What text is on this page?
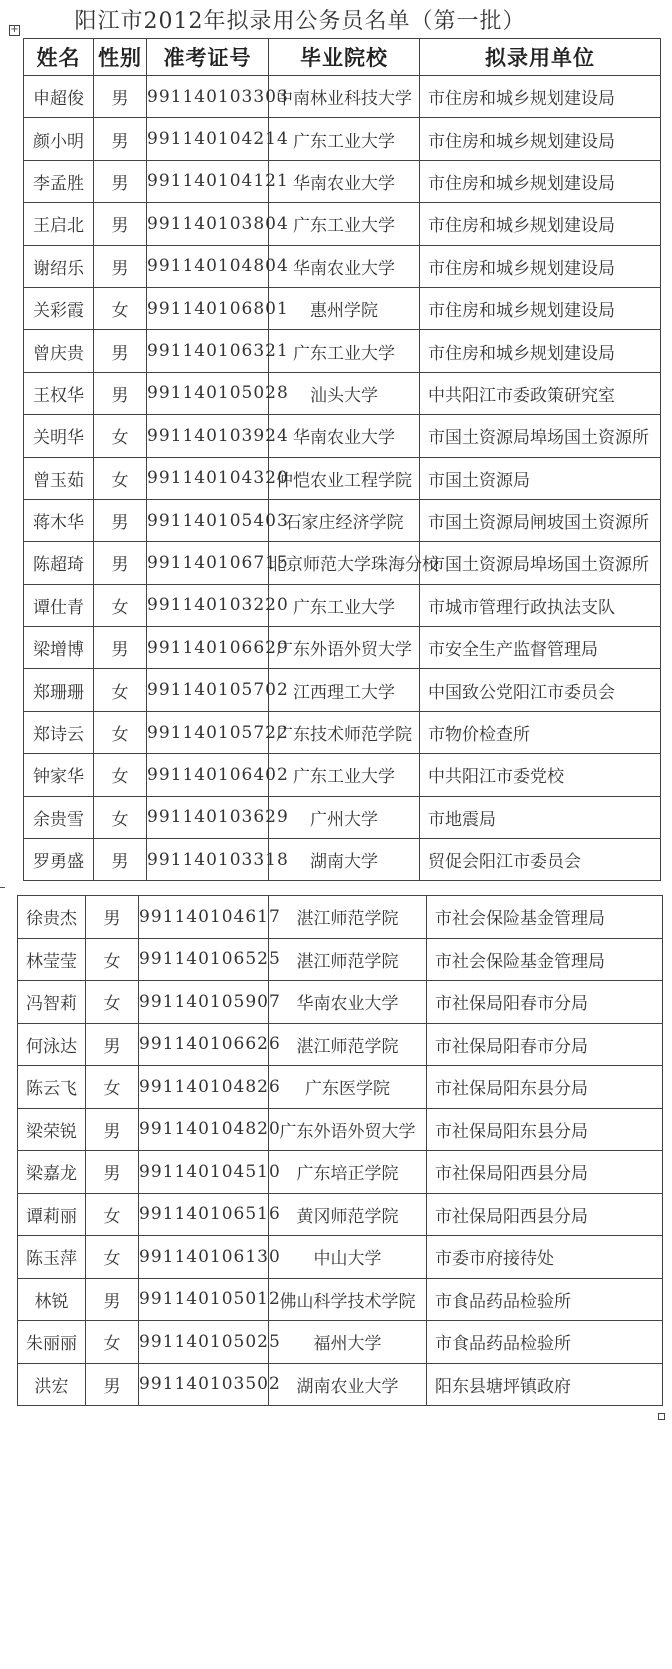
阳江市2012年拟录用公务员名单（第一批）
+
姓名	性别	准考证号	毕业院校	拟录用单位
申超俊	男	991140103303	中南林业科技大学	市住房和城乡规划建设局
颜小明	男	991140104214	广东工业大学	市住房和城乡规划建设局
李孟胜	男	991140104121	华南农业大学	市住房和城乡规划建设局
王启北	男	991140103804	广东工业大学	市住房和城乡规划建设局
谢绍乐	男	991140104804	华南农业大学	市住房和城乡规划建设局
关彩霞	女	991140106801	惠州学院	市住房和城乡规划建设局
曾庆贵	男	991140106321	广东工业大学	市住房和城乡规划建设局
王权华	男	991140105028	汕头大学	中共阳江市委政策研究室
关明华	女	991140103924	华南农业大学	市国土资源局埠场国土资源所
曾玉茹	女	991140104320	仲恺农业工程学院	市国土资源局
蒋木华	男	991140105403	石家庄经济学院	市国土资源局闸坡国土资源所
陈超琦	男	991140106715	北京师范大学珠海分校	市国土资源局埠场国土资源所
谭仕青	女	991140103220	广东工业大学	市城市管理行政执法支队
梁增博	男	991140106629	广东外语外贸大学	市安全生产监督管理局
郑珊珊	女	991140105702	江西理工大学	中国致公党阳江市委员会
郑诗云	女	991140105722	广东技术师范学院	市物价检查所
钟家华	女	991140106402	广东工业大学	中共阳江市委党校
余贵雪	女	991140103629	广州大学	市地震局
罗勇盛	男	991140103318	湖南大学	贸促会阳江市委员会
徐贵杰	男	991140104617	湛江师范学院	市社会保险基金管理局
林莹莹	女	991140106525	湛江师范学院	市社会保险基金管理局
冯智莉	女	991140105907	华南农业大学	市社保局阳春市分局
何泳达	男	991140106626	湛江师范学院	市社保局阳春市分局
陈云飞	女	991140104826	广东医学院	市社保局阳东县分局
梁荣锐	男	991140104820	广东外语外贸大学	市社保局阳东县分局
梁嘉龙	男	991140104510	广东培正学院	市社保局阳西县分局
谭莉丽	女	991140106516	黄冈师范学院	市社保局阳西县分局
陈玉萍	女	991140106130	中山大学	市委市府接待处
林锐	男	991140105012	佛山科学技术学院	市食品药品检验所
朱丽丽	女	991140105025	福州大学	市食品药品检验所
洪宏	男	991140103502	湖南农业大学	阳东县塘坪镇政府
